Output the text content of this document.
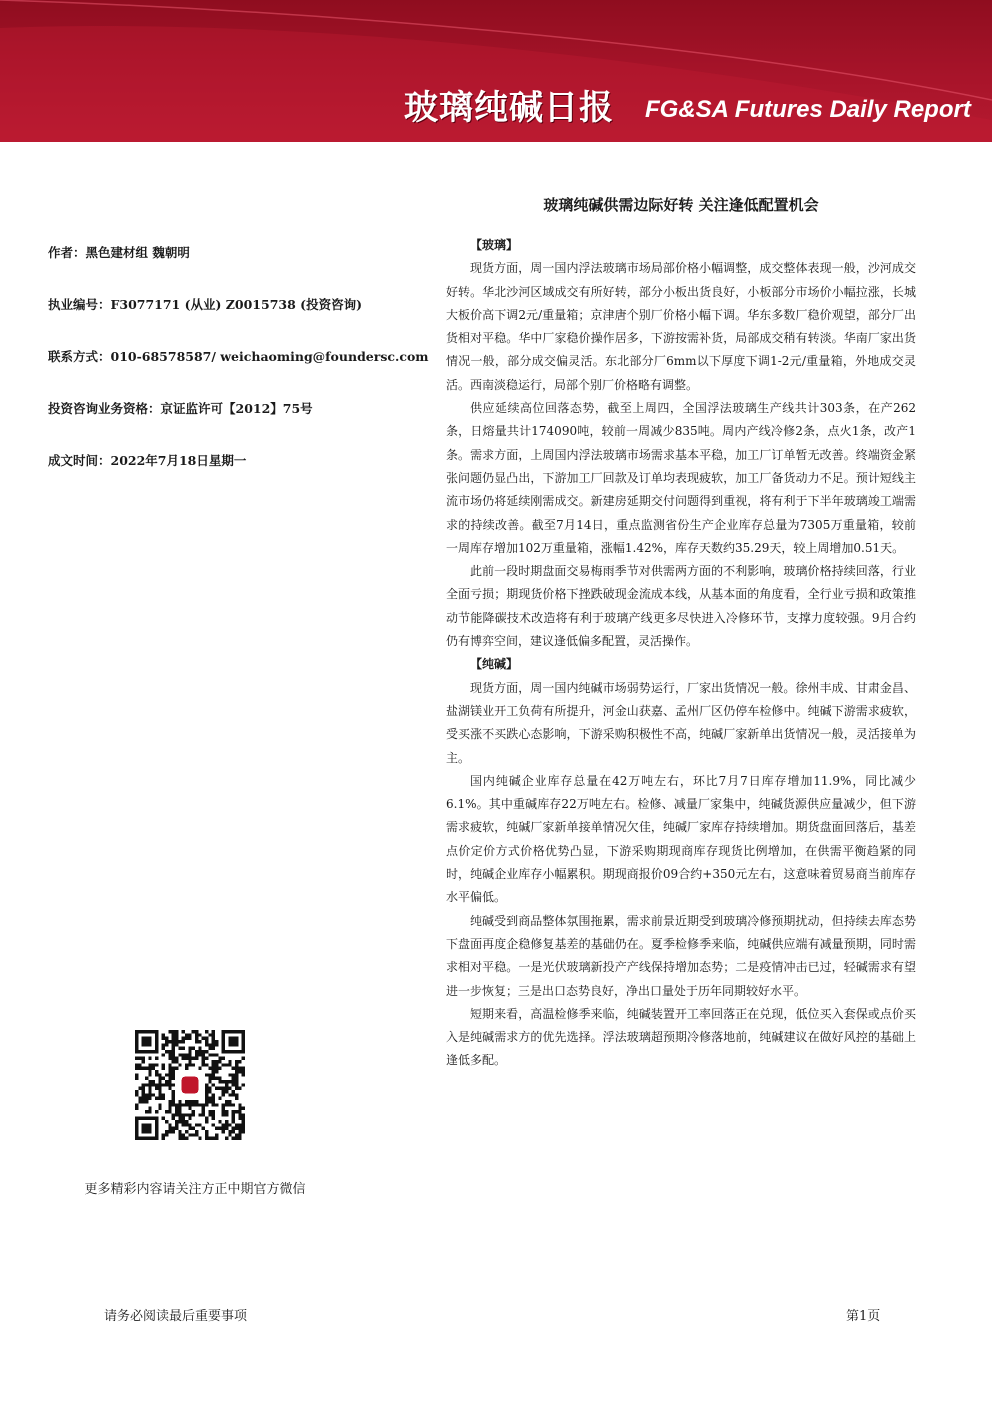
玻璃纯碱日报 FG&SA Futures Daily Report
玻璃纯碱供需边际好转 关注逢低配置机会
作者：黑色建材组 魏朝明
执业编号：F3077171 (从业) Z0015738 (投资咨询)
联系方式：010-68578587/ weichaoming@foundersc.com
投资咨询业务资格：京证监许可【2012】75号
成文时间：2022年7月18日星期一
【玻璃】

现货方面，周一国内浮法玻璃市场局部价格小幅调整，成交整体表现一般，沙河成交好转。华北沙河区域成交有所好转，部分小板出货良好，小板部分市场价小幅拉涨，长城大板价高下调2元/重量箱；京津唐个别厂价格小幅下调。华东多数厂稳价观望，部分厂出货相对平稳。华中厂家稳价操作居多，下游按需补货，局部成交稍有转淡。华南厂家出货情况一般，部分成交偏灵活。东北部分厂6mm以下厚度下调1-2元/重量箱，外地成交灵活。西南淡稳运行，局部个别厂价格略有调整。

供应延续高位回落态势，截至上周四，全国浮法玻璃生产线共计303条，在产262条，日熔量共计174090吨，较前一周减少835吨。周内产线冷修2条，点火1条，改产1条。需求方面，上周国内浮法玻璃市场需求基本平稳，加工厂订单暂无改善。终端资金紧张问题仍显凸出，下游加工厂回款及订单均表现疲软，加工厂备货动力不足。预计短线主流市场仍将延续刚需成交。新建房延期交付问题得到重视，将有利于下半年玻璃竣工端需求的持续改善。截至7月14日，重点监测省份生产企业库存总量为7305万重量箱，较前一周库存增加102万重量箱，涨幅1.42%，库存天数约35.29天，较上周增加0.51天。

此前一段时期盘面交易梅雨季节对供需两方面的不利影响，玻璃价格持续回落，行业全面亏损；期现货价格下挫跌破现金流成本线，从基本面的角度看，全行业亏损和政策推动节能降碳技术改造将有利于玻璃产线更多尽快进入冷修环节，支撑力度较强。9月合约仍有博弈空间，建议逢低偏多配置，灵活操作。

【纯碱】

现货方面，周一国内纯碱市场弱势运行，厂家出货情况一般。徐州丰成、甘肃金昌、盐湖镁业开工负荷有所提升，河金山获嘉、孟州厂区仍停车检修中。纯碱下游需求疲软，受买涨不买跌心态影响，下游采购积极性不高，纯碱厂家新单出货情况一般，灵活接单为主。

国内纯碱企业库存总量在42万吨左右，环比7月7日库存增加11.9%，同比减少6.1%。其中重碱库存22万吨左右。检修、减量厂家集中，纯碱货源供应量减少，但下游需求疲软，纯碱厂家新单接单情况欠佳，纯碱厂家库存持续增加。期货盘面回落后，基差点价定价方式价格优势凸显，下游采购期现商库存现货比例增加，在供需平衡趋紧的同时，纯碱企业库存小幅累积。期现商报价09合约+350元左右，这意味着贸易商当前库存水平偏低。

纯碱受到商品整体氛围拖累，需求前景近期受到玻璃冷修预期扰动，但持续去库态势下盘面再度企稳修复基差的基础仍在。夏季检修季来临，纯碱供应端有减量预期，同时需求相对平稳。一是光伏玻璃新投产产线保持增加态势；二是疫情冲击已过，轻碱需求有望进一步恢复；三是出口态势良好，净出口量处于历年同期较好水平。

短期来看，高温检修季来临，纯碱装置开工率回落正在兑现，低位买入套保或点价买入是纯碱需求方的优先选择。浮法玻璃超预期冷修落地前，纯碱建议在做好风控的基础上逢低多配。

更多精彩内容请关注方正中期官方微信
请务必阅读最后重要事项	第1页
